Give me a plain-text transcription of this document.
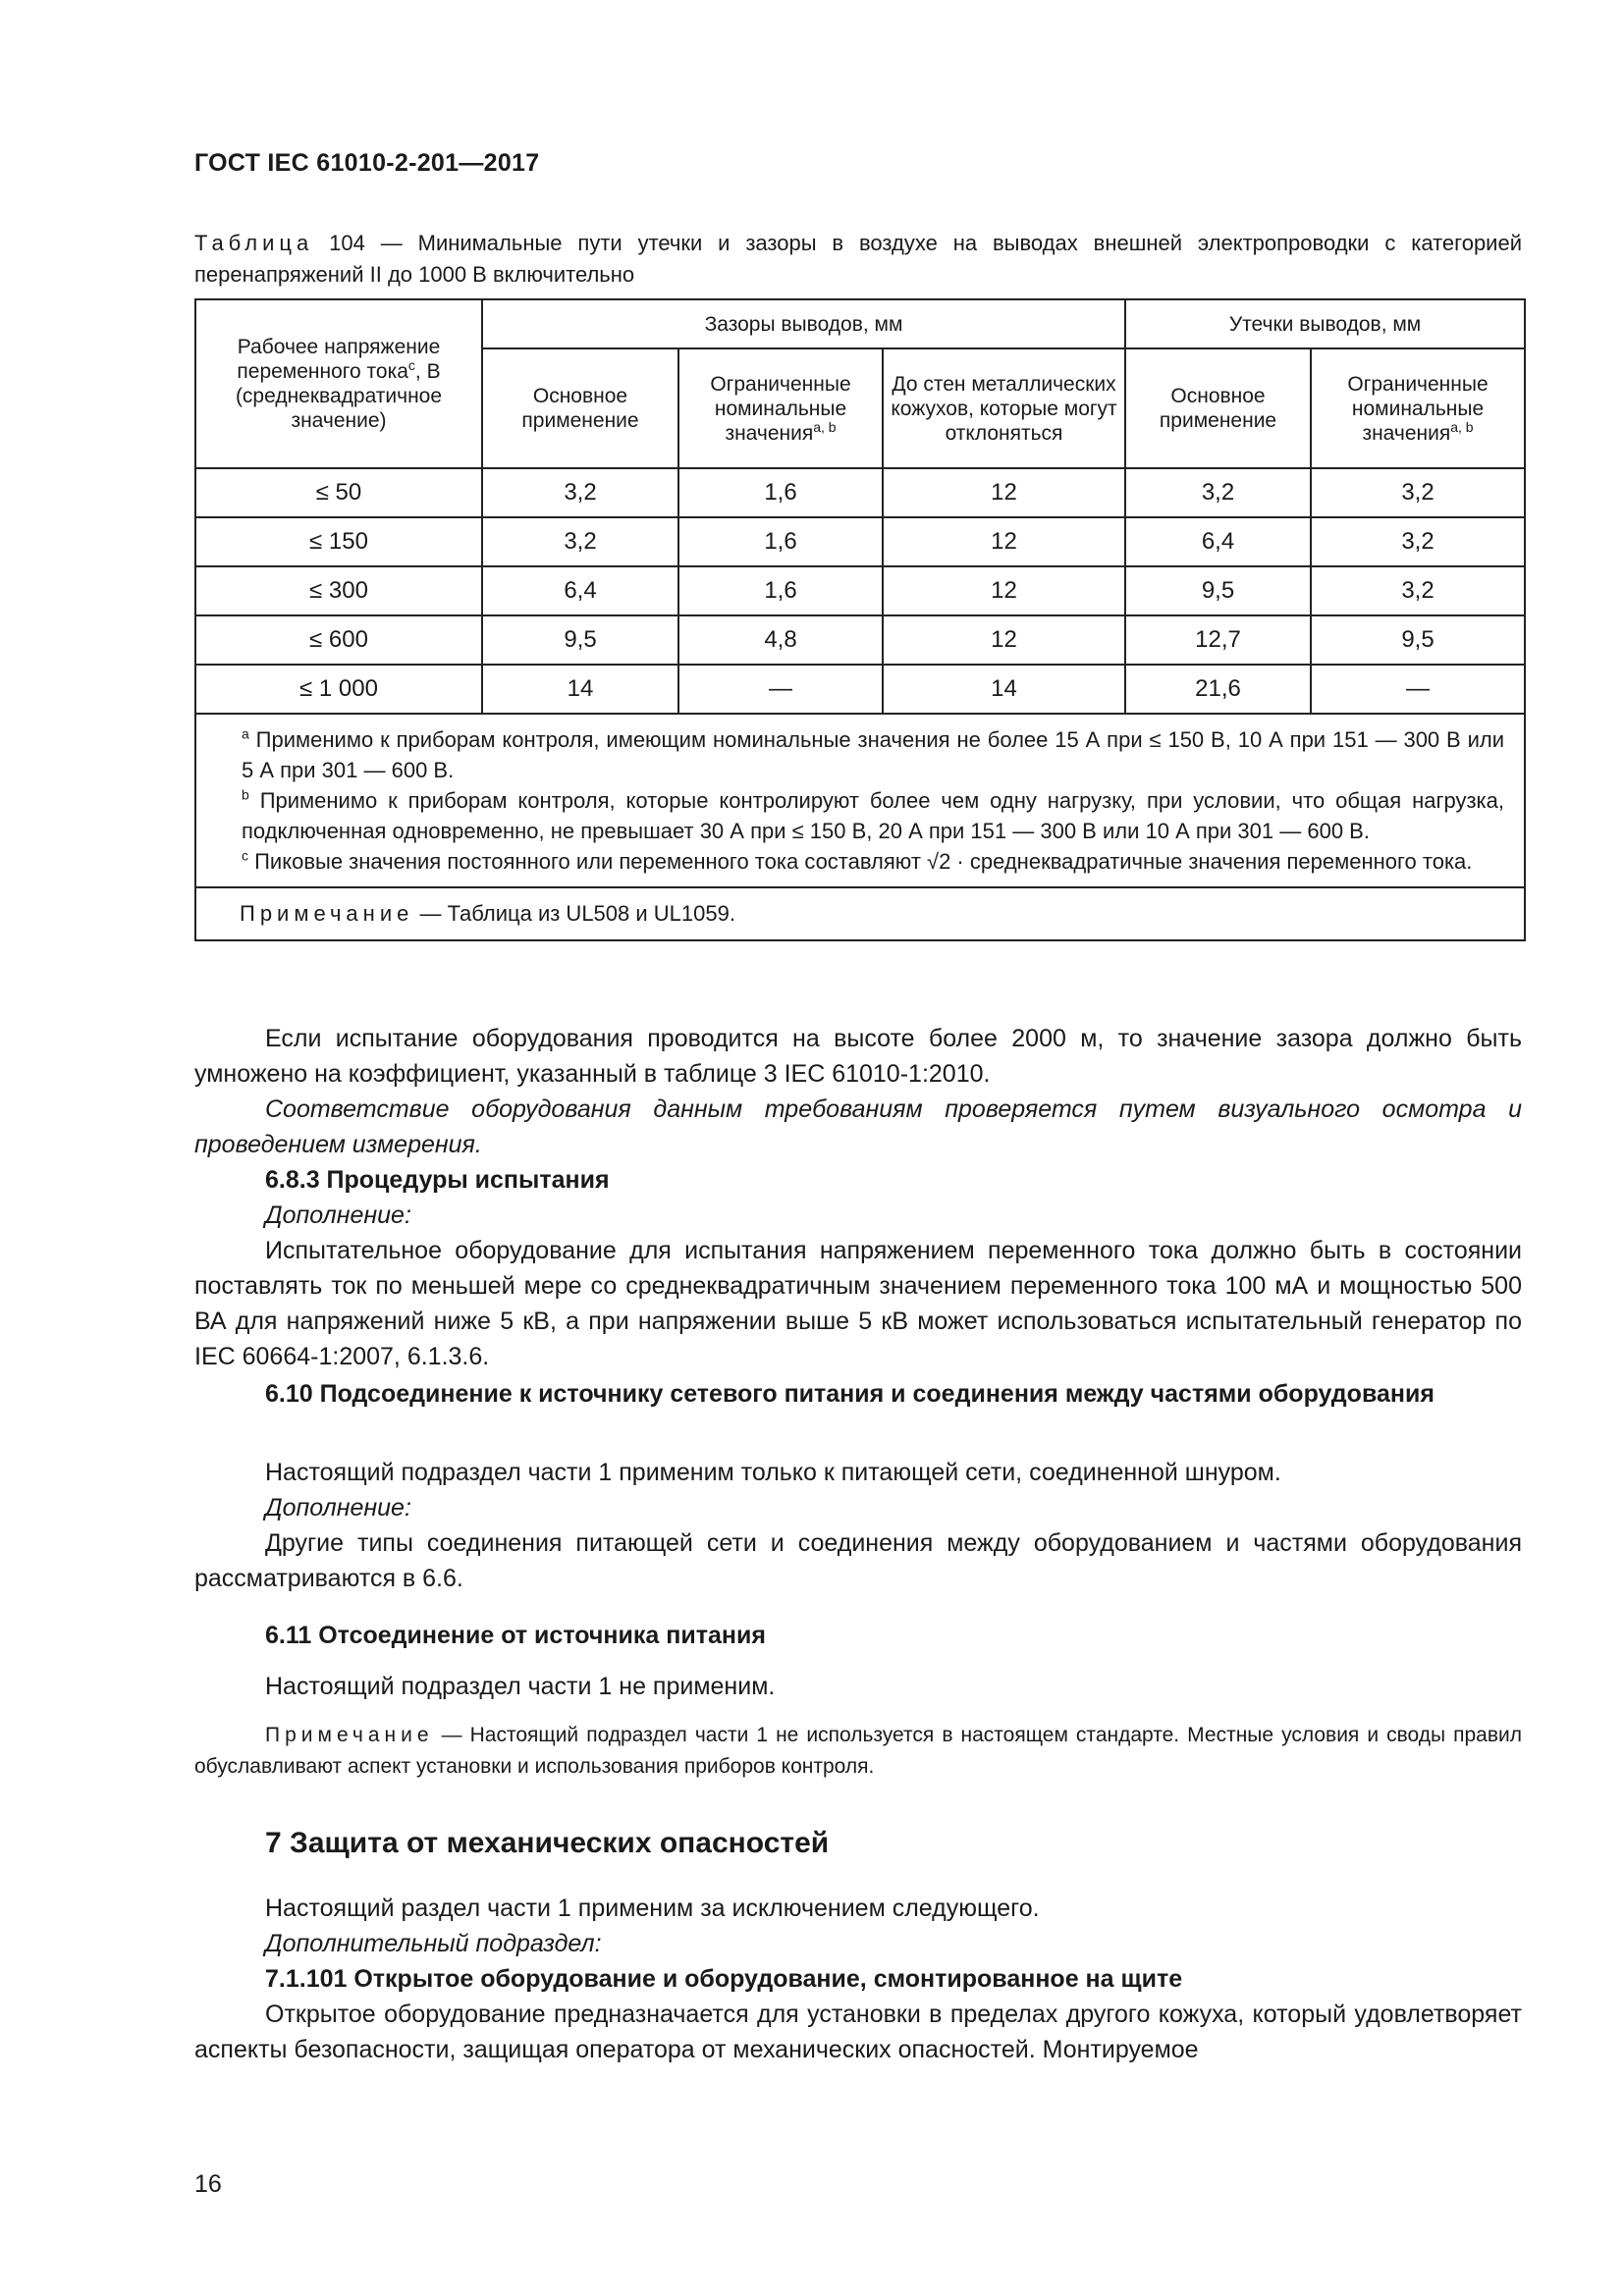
ГОСТ IEC 61010-2-201—2017
Таблица 104 — Минимальные пути утечки и зазоры в воздухе на выводах внешней электропроводки с категорией перенапряжений II до 1000 В включительно
Рабочее напряжение переменного тока$^c$, В (среднеквадратичное значение)	Зазоры выводов, мм			Утечки выводов, мм	
	Основное применение	Ограниченные номинальные значения$^{a, b}$	До стен металлических кожухов, которые могут отклоняться	Основное применение	Ограниченные номинальные значения$^{a, b}$
≤ 50	3,2	1,6	12	3,2	3,2
≤ 150	3,2	1,6	12	6,4	3,2
≤ 300	6,4	1,6	12	9,5	3,2
≤ 600	9,5	4,8	12	12,7	9,5
≤ 1 000	14	—	14	21,6	—

$^a$ Применимо к приборам контроля, имеющим номинальные значения не более 15 А при ≤ 150 В, 10 А при 151 — 300 В или 5 А при 301 — 600 В.
$^b$ Применимо к приборам контроля, которые контролируют более чем одну нагрузку, при условии, что общая нагрузка, подключенная одновременно, не превышает 30 А при ≤ 150 В, 20 А при 151 — 300 В или 10 А при 301 — 600 В.
$^c$ Пиковые значения постоянного или переменного тока составляют √2 · среднеквадратичные значения переменного тока.					

Примечание — Таблица из UL508 и UL1059.					

Если испытание оборудования проводится на высоте более 2000 м, то значение зазора должно быть умножено на коэффициент, указанный в таблице 3 IEC 61010-1:2010.

Соответствие оборудования данным требованиям проверяется путем визуального осмотра и проведением измерения.

6.8.3 Процедуры испытания

Дополнение:

Испытательное оборудование для испытания напряжением переменного тока должно быть в состоянии поставлять ток по меньшей мере со среднеквадратичным значением переменного тока 100 мА и мощностью 500 ВА для напряжений ниже 5 кВ, а при напряжении выше 5 кВ может использоваться испытательный генератор по IEC 60664-1:2007, 6.1.3.6.

6.10 Подсоединение к источнику сетевого питания и соединения между частями оборудования

Настоящий подраздел части 1 применим только к питающей сети, соединенной шнуром.

Дополнение:

Другие типы соединения питающей сети и соединения между оборудованием и частями оборудования рассматриваются в 6.6.

6.11 Отсоединение от источника питания

Настоящий подраздел части 1 не применим.

Примечание — Настоящий подраздел части 1 не используется в настоящем стандарте. Местные условия и своды правил обуславливают аспект установки и использования приборов контроля.

7 Защита от механических опасностей

Настоящий раздел части 1 применим за исключением следующего.

Дополнительный подраздел:

7.1.101 Открытое оборудование и оборудование, смонтированное на щите

Открытое оборудование предназначается для установки в пределах другого кожуха, который удовлетворяет аспекты безопасности, защищая оператора от механических опасностей. Монтируемое

16
